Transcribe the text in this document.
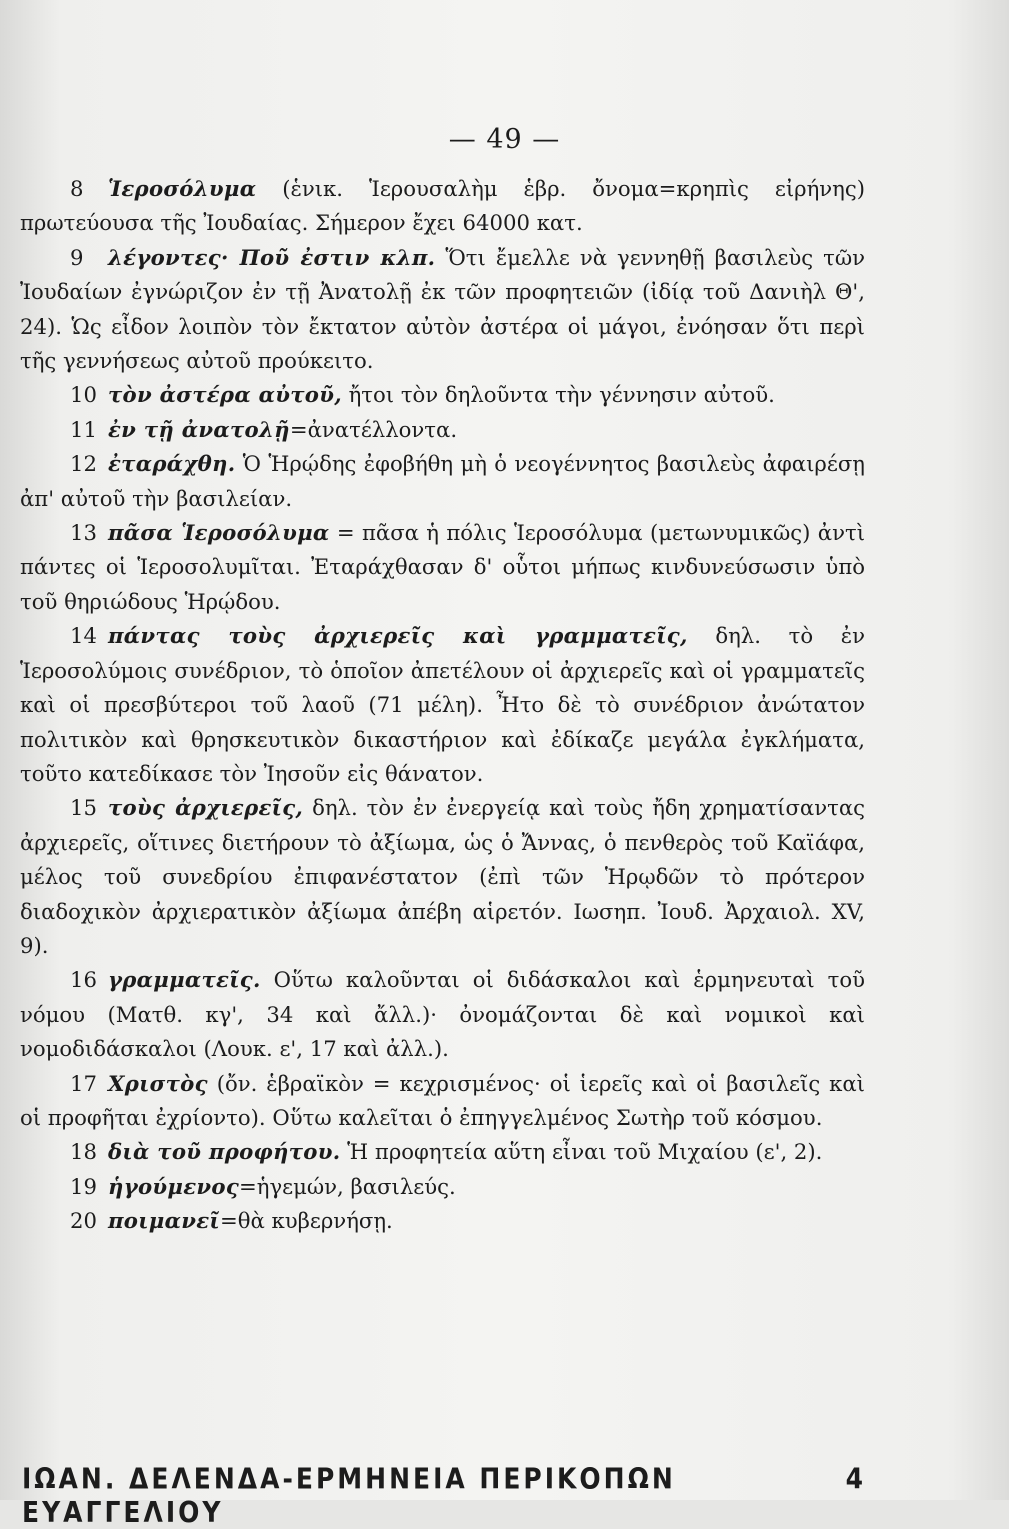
— 49 —

8 Ἱεροσόλυμα (ἑνικ. Ἱερουσαλὴμ ἑβρ. ὄνομα=κρηπὶς εἰρήνης) πρωτεύουσα τῆς Ἰουδαίας. Σήμερον ἔχει 64000 κατ.

9 λέγοντες· Ποῦ ἐστιν κλπ. Ὅτι ἔμελλε νὰ γεννηθῇ βασιλεὺς τῶν Ἰουδαίων ἐγνώριζον ἐν τῇ Ἀνατολῇ ἐκ τῶν προφητειῶν (ἰδίᾳ τοῦ Δανιὴλ Θ', 24). Ὡς εἶδον λοιπὸν τὸν ἔκτατον αὐτὸν ἀστέρα οἱ μάγοι, ἐνόησαν ὅτι περὶ τῆς γεννήσεως αὐτοῦ προύκειτο.

10 τὸν ἀστέρα αὐτοῦ, ἤτοι τὸν δηλοῦντα τὴν γέννησιν αὐτοῦ.

11 ἐν τῇ ἀνατολῇ=ἀνατέλλοντα.

12 ἐταράχθη. Ὁ Ἡρῴδης ἐφοβήθη μὴ ὁ νεογέννητος βασιλεὺς ἀφαιρέσῃ ἀπ' αὐτοῦ τὴν βασιλείαν.

13 πᾶσα Ἱεροσόλυμα = πᾶσα ἡ πόλις Ἱεροσόλυμα (μετωνυμικῶς) ἀντὶ πάντες οἱ Ἱεροσολυμῖται. Ἐταράχθασαν δ' οὗτοι μήπως κινδυνεύσωσιν ὑπὸ τοῦ θηριώδους Ἡρῴδου.

14 πάντας τοὺς ἀρχιερεῖς καὶ γραμματεῖς, δηλ. τὸ ἐν Ἱεροσολύμοις συνέδριον, τὸ ὁποῖον ἀπετέλουν οἱ ἀρχιερεῖς καὶ οἱ γραμματεῖς καὶ οἱ πρεσβύτεροι τοῦ λαοῦ (71 μέλη). Ἦτο δὲ τὸ συνέδριον ἀνώτατον πολιτικὸν καὶ θρησκευτικὸν δικαστήριον καὶ ἐδίκαζε μεγάλα ἐγκλήματα, τοῦτο κατεδίκασε τὸν Ἰησοῦν εἰς θάνατον.

15 τοὺς ἀρχιερεῖς, δηλ. τὸν ἐν ἐνεργείᾳ καὶ τοὺς ἤδη χρηματίσαντας ἀρχιερεῖς, οἵτινες διετήρουν τὸ ἀξίωμα, ὡς ὁ Ἄννας, ὁ πενθερὸς τοῦ Καϊάφα, μέλος τοῦ συνεδρίου ἐπιφανέστατον (ἐπὶ τῶν Ἡρῳδῶν τὸ πρότερον διαδοχικὸν ἀρχιερατικὸν ἀξίωμα ἀπέβη αἱρετόν. Ιωσηπ. Ἰουδ. Ἀρχαιολ. XV, 9).

16 γραμματεῖς. Οὕτω καλοῦνται οἱ διδάσκαλοι καὶ ἑρμηνευταὶ τοῦ νόμου (Ματθ. κγ', 34 καὶ ἄλλ.)· ὀνομάζονται δὲ καὶ νομικοὶ καὶ νομοδιδάσκαλοι (Λουκ. ε', 17 καὶ ἀλλ.).

17 Χριστὸς (ὄν. ἑβραϊκὸν = κεχρισμένος· οἱ ἱερεῖς καὶ οἱ βασιλεῖς καὶ οἱ προφῆται ἐχρίοντο). Οὕτω καλεῖται ὁ ἐπηγγελμένος Σωτὴρ τοῦ κόσμου.

18 διὰ τοῦ προφήτου. Ἡ προφητεία αὕτη εἶναι τοῦ Μιχαίου (ε', 2).

19 ἡγούμενος=ἡγεμών, βασιλεύς.

20 ποιμανεῖ=θὰ κυβερνήσῃ.

ΙΩΑΝ. ΔΕΛΕΝΔΑ-ΕΡΜΗΝΕΙΑ ΠΕΡΙΚΟΠΩΝ ΕΥΑΓΓΕΛΙΟΥ
4
